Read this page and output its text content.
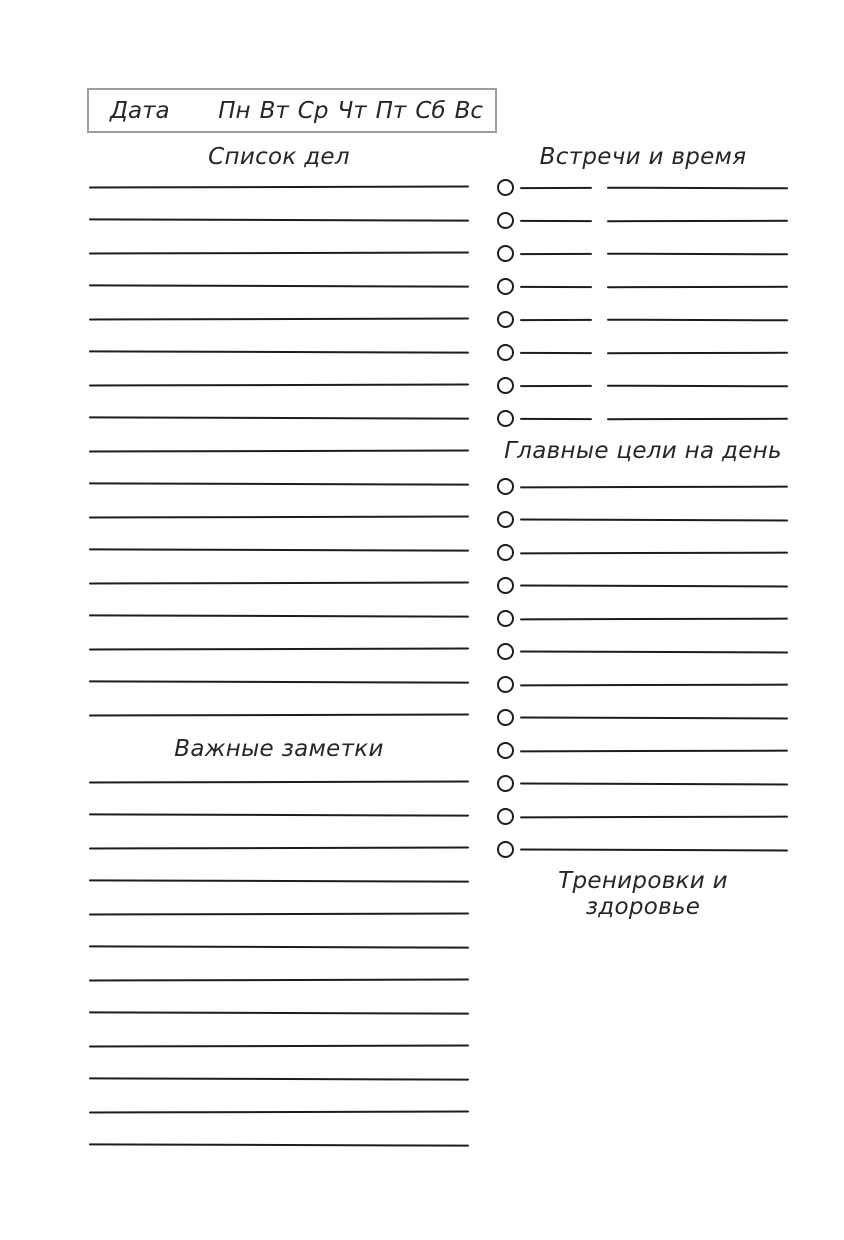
Дата Пн Вт Ср Чт Пт Сб Вс
Список дел	Встречи и время
Важные заметки
Главные цели на день
Тренировки и здоровье
